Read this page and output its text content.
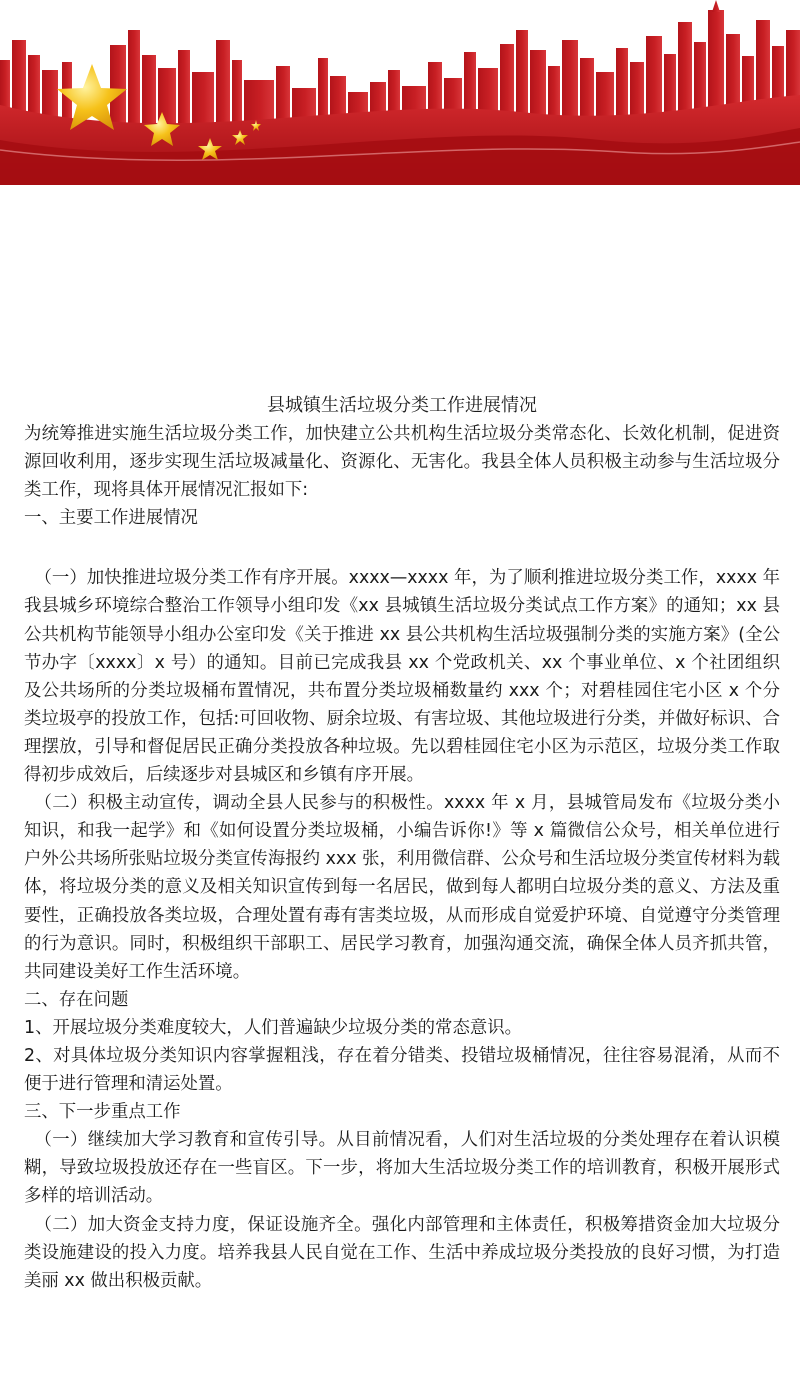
县城镇生活垃圾分类工作进展情况

为统筹推进实施生活垃圾分类工作，加快建立公共机构生活垃圾分类常态化、长效化机制，促进资源回收利用，逐步实现生活垃圾减量化、资源化、无害化。我县全体人员积极主动参与生活垃圾分类工作，现将具体开展情况汇报如下:

一、主要工作进展情况

（一）加快推进垃圾分类工作有序开展。xxxx—xxxx 年，为了顺利推进垃圾分类工作，xxxx 年我县城乡环境综合整治工作领导小组印发《xx 县城镇生活垃圾分类试点工作方案》的通知；xx 县公共机构节能领导小组办公室印发《关于推进 xx 县公共机构生活垃圾强制分类的实施方案》(全公节办字〔xxxx〕x 号）的通知。目前已完成我县 xx 个党政机关、xx 个事业单位、x 个社团组织及公共场所的分类垃圾桶布置情况，共布置分类垃圾桶数量约 xxx 个；对碧桂园住宅小区 x 个分类垃圾亭的投放工作，包括:可回收物、厨余垃圾、有害垃圾、其他垃圾进行分类，并做好标识、合理摆放，引导和督促居民正确分类投放各种垃圾。先以碧桂园住宅小区为示范区，垃圾分类工作取得初步成效后，后续逐步对县城区和乡镇有序开展。

（二）积极主动宣传，调动全县人民参与的积极性。xxxx 年 x 月，县城管局发布《垃圾分类小知识，和我一起学》和《如何设置分类垃圾桶，小编告诉你!》等 x 篇微信公众号，相关单位进行户外公共场所张贴垃圾分类宣传海报约 xxx 张，利用微信群、公众号和生活垃圾分类宣传材料为载体，将垃圾分类的意义及相关知识宣传到每一名居民，做到每人都明白垃圾分类的意义、方法及重要性，正确投放各类垃圾，合理处置有毒有害类垃圾，从而形成自觉爱护环境、自觉遵守分类管理的行为意识。同时，积极组织干部职工、居民学习教育，加强沟通交流，确保全体人员齐抓共管，共同建设美好工作生活环境。

二、存在问题

1、开展垃圾分类难度较大，人们普遍缺少垃圾分类的常态意识。

2、对具体垃圾分类知识内容掌握粗浅，存在着分错类、投错垃圾桶情况，往往容易混淆，从而不便于进行管理和清运处置。

三、下一步重点工作

（一）继续加大学习教育和宣传引导。从目前情况看，人们对生活垃圾的分类处理存在着认识模糊，导致垃圾投放还存在一些盲区。下一步，将加大生活垃圾分类工作的培训教育，积极开展形式多样的培训活动。

（二）加大资金支持力度，保证设施齐全。强化内部管理和主体责任，积极筹措资金加大垃圾分类设施建设的投入力度。培养我县人民自觉在工作、生活中养成垃圾分类投放的良好习惯，为打造美丽 xx 做出积极贡献。
